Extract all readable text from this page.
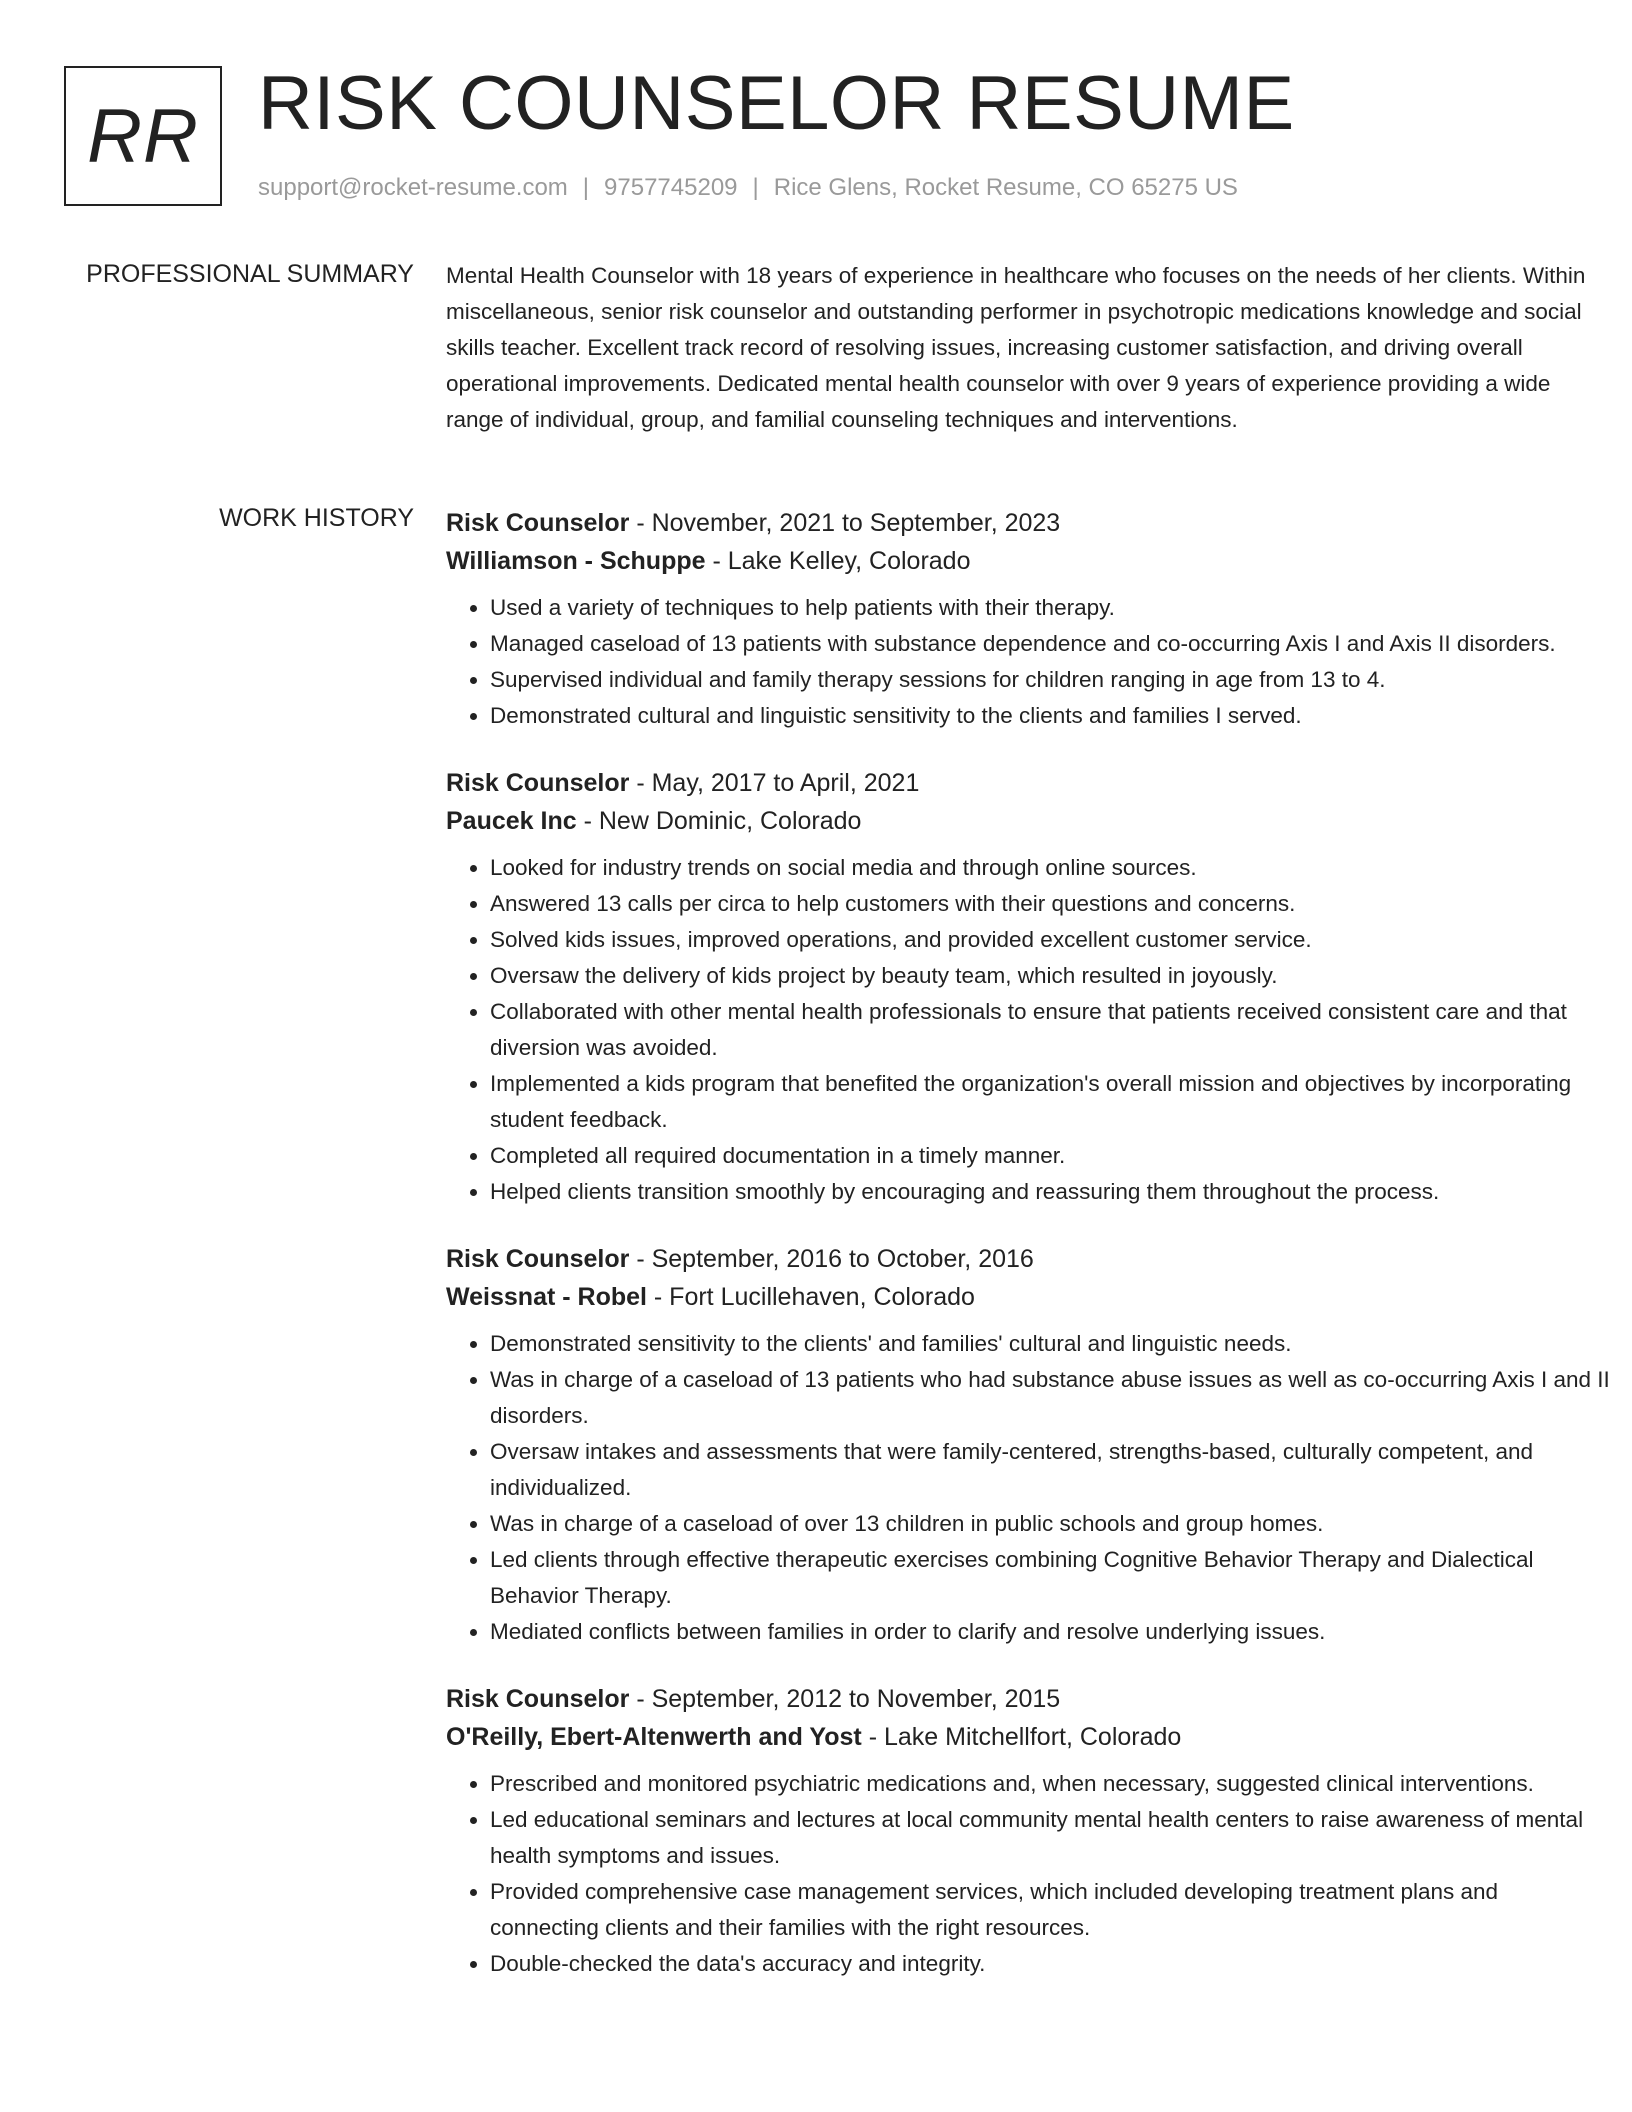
RR RISK COUNSELOR RESUME
support@rocket-resume.com | 9757745209 | Rice Glens, Rocket Resume, CO 65275 US
PROFESSIONAL SUMMARY Mental Health Counselor with 18 years of experience in healthcare who focuses on the needs of her clients. Within miscellaneous, senior risk counselor and outstanding performer in psychotropic medications knowledge and social skills teacher. Excellent track record of resolving issues, increasing customer satisfaction, and driving overall operational improvements. Dedicated mental health counselor with over 9 years of experience providing a wide range of individual, group, and familial counseling techniques and interventions.

WORK HISTORY Risk Counselor - November, 2021 to September, 2023
Williamson - Schuppe - Lake Kelley, Colorado
• Used a variety of techniques to help patients with their therapy.
• Managed caseload of 13 patients with substance dependence and co-occurring Axis I and Axis II disorders.
• Supervised individual and family therapy sessions for children ranging in age from 13 to 4.
• Demonstrated cultural and linguistic sensitivity to the clients and families I served.
Risk Counselor - May, 2017 to April, 2021
Paucek Inc - New Dominic, Colorado
• Looked for industry trends on social media and through online sources.
• Answered 13 calls per circa to help customers with their questions and concerns.
• Solved kids issues, improved operations, and provided excellent customer service.
• Oversaw the delivery of kids project by beauty team, which resulted in joyously.
• Collaborated with other mental health professionals to ensure that patients received consistent care and that diversion was avoided.
• Implemented a kids program that benefited the organization's overall mission and objectives by incorporating student feedback.
• Completed all required documentation in a timely manner.
• Helped clients transition smoothly by encouraging and reassuring them throughout the process.
Risk Counselor - September, 2016 to October, 2016
Weissnat - Robel - Fort Lucillehaven, Colorado
• Demonstrated sensitivity to the clients' and families' cultural and linguistic needs.
• Was in charge of a caseload of 13 patients who had substance abuse issues as well as co-occurring Axis I and II disorders.
• Oversaw intakes and assessments that were family-centered, strengths-based, culturally competent, and individualized.
• Was in charge of a caseload of over 13 children in public schools and group homes.
• Led clients through effective therapeutic exercises combining Cognitive Behavior Therapy and Dialectical Behavior Therapy.
• Mediated conflicts between families in order to clarify and resolve underlying issues.
Risk Counselor - September, 2012 to November, 2015
O'Reilly, Ebert-Altenwerth and Yost - Lake Mitchellfort, Colorado
• Prescribed and monitored psychiatric medications and, when necessary, suggested clinical interventions.
• Led educational seminars and lectures at local community mental health centers to raise awareness of mental health symptoms and issues.
• Provided comprehensive case management services, which included developing treatment plans and connecting clients and their families with the right resources.
• Double-checked the data's accuracy and integrity.
